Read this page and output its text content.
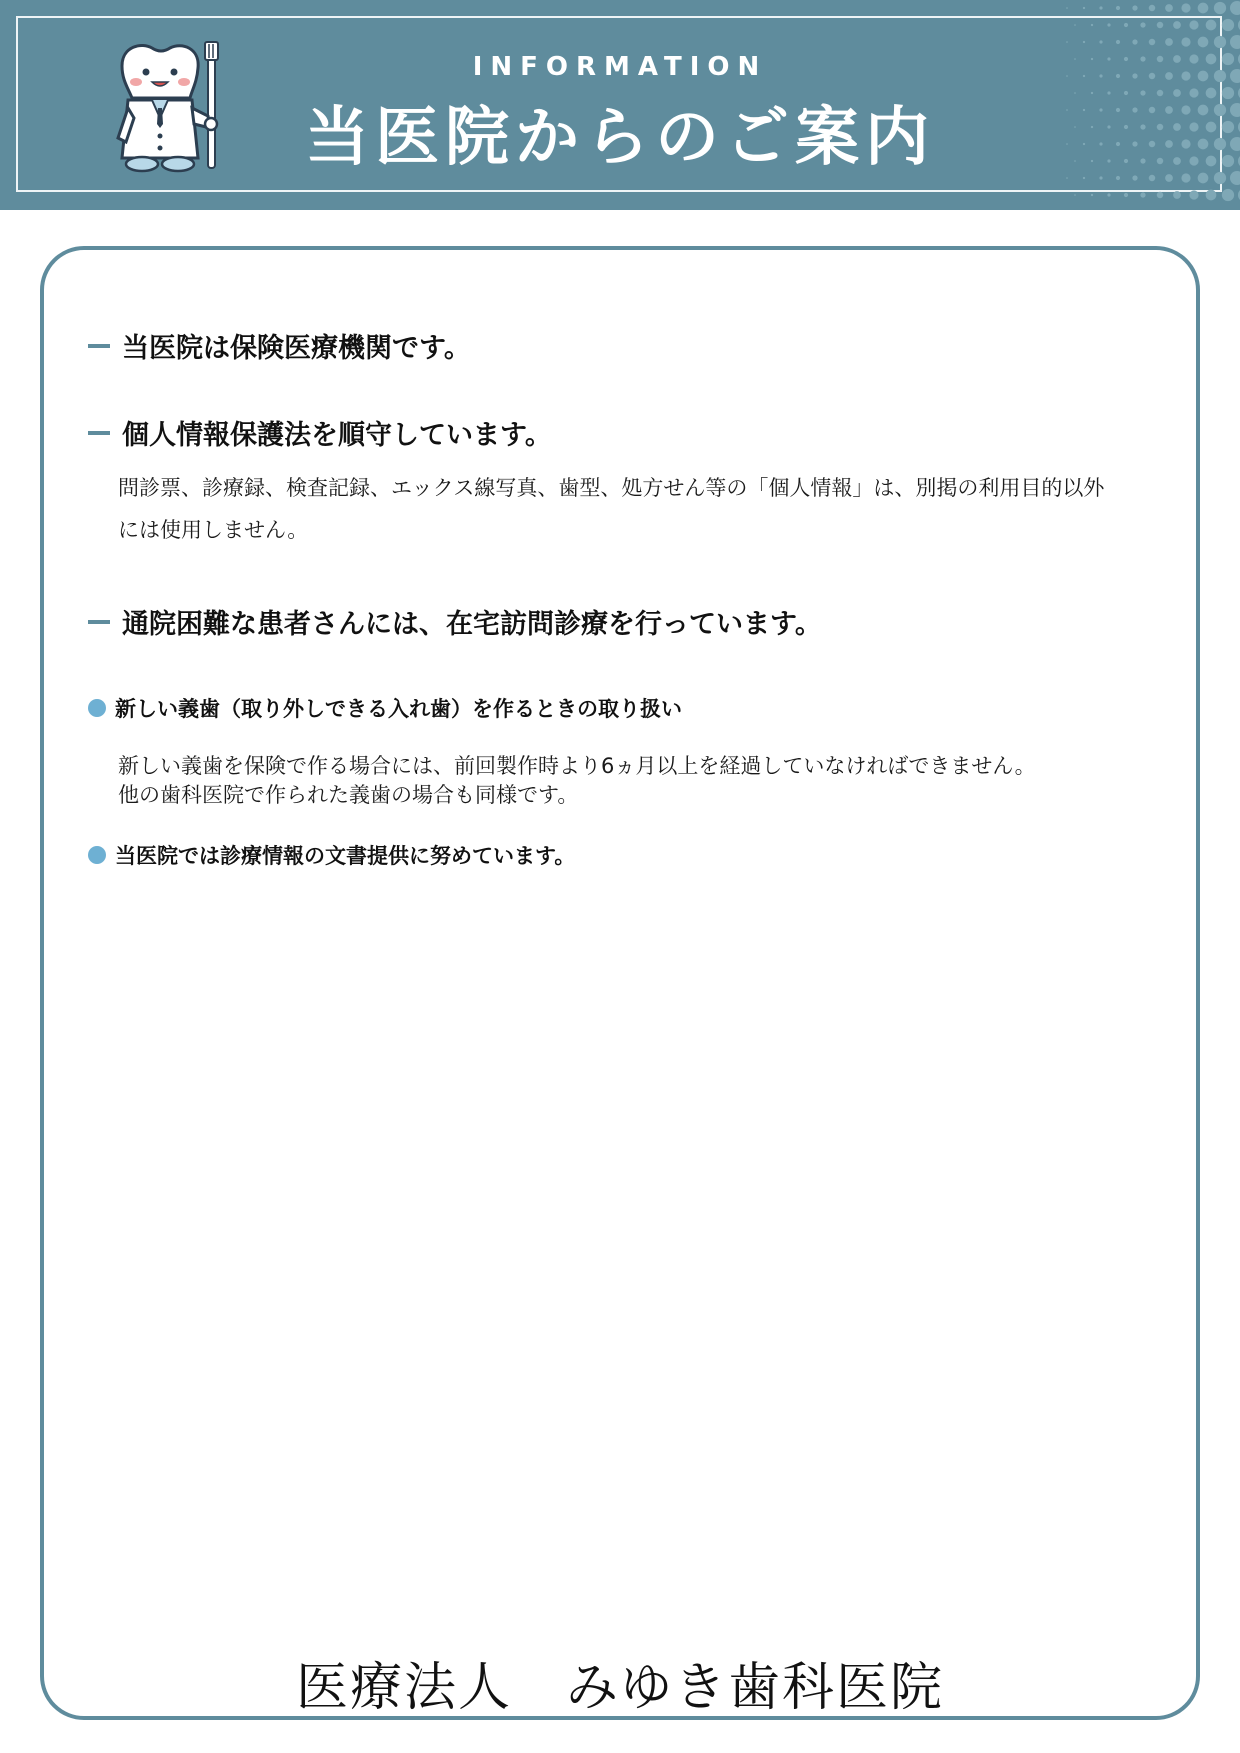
INFORMATION
当医院からのご案内
当医院は保険医療機関です。
個人情報保護法を順守しています。
問診票、診療録、検査記録、エックス線写真、歯型、処方せん等の「個人情報」は、別掲の利用目的以外
には使用しません。
通院困難な患者さんには、在宅訪問診療を行っています。
新しい義歯（取り外しできる入れ歯）を作るときの取り扱い
新しい義歯を保険で作る場合には、前回製作時より6ヵ月以上を経過していなければできません。
他の歯科医院で作られた義歯の場合も同様です。
当医院では診療情報の文書提供に努めています。
医療法人　みゆき歯科医院
